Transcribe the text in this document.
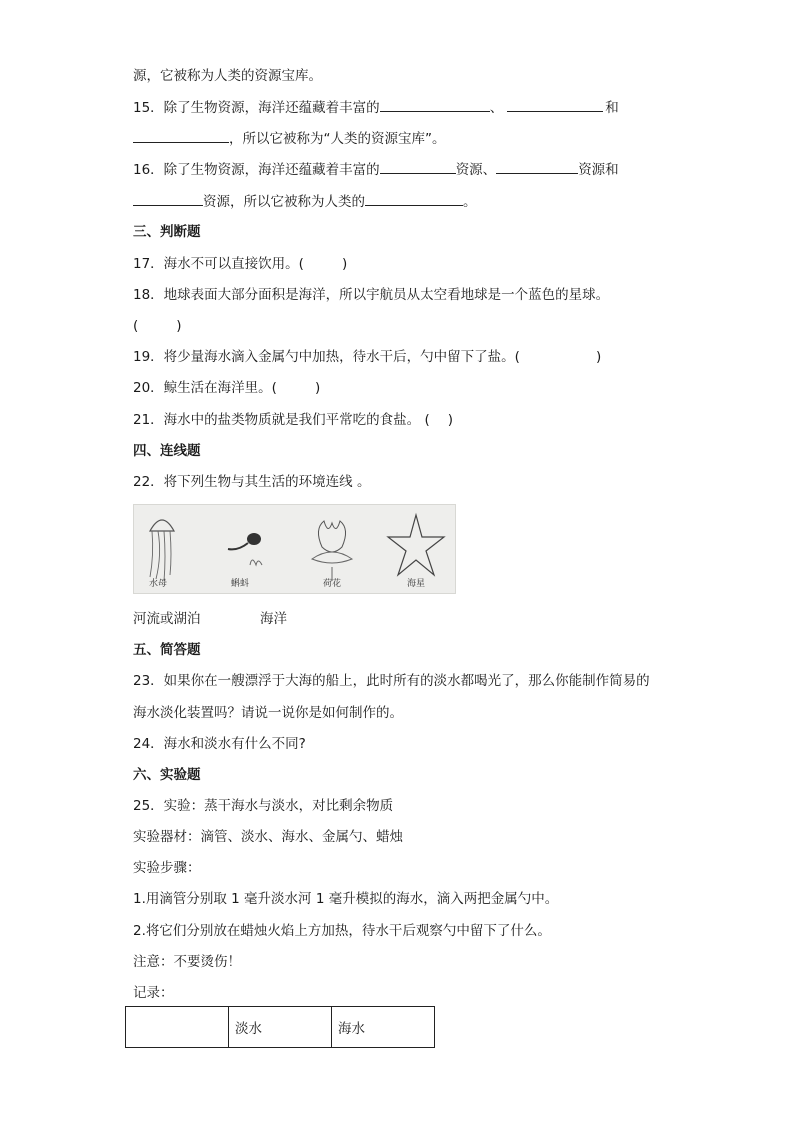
源，它被称为人类的资源宝库。
15．除了生物资源，海洋还蕴藏着丰富的	、	和
，所以它被称为“人类的资源宝库”。
16．除了生物资源，海洋还蕴藏着丰富的	资源、	资源和
资源，所以它被称为人类的	。
三、判断题
17．海水不可以直接饮用。(	)
18．地球表面大部分面积是海洋，所以宇航员从太空看地球是一个蓝色的星球。
(	)
19．将少量海水滴入金属勺中加热，待水干后，勺中留下了盐。(	)
20．鲸生活在海洋里。(	)
21．海水中的盐类物质就是我们平常吃的食盐。 ( )
四、连线题
22．将下列生物与其生活的环境连线 。
水母	蝌蚪	荷花	海星
河流或湖泊	海洋
五、简答题
23．如果你在一艘漂浮于大海的船上，此时所有的淡水都喝光了，那么你能制作简易的
海水淡化装置吗？请说一说你是如何制作的。
24．海水和淡水有什么不同?
六、实验题
25．实验：蒸干海水与淡水，对比剩余物质
实验器材：滴管、淡水、海水、金属勺、蜡烛
实验步骤：
1.用滴管分别取 1 毫升淡水河 1 毫升模拟的海水，滴入两把金属勺中。
2.将它们分别放在蜡烛火焰上方加热，待水干后观察勺中留下了什么。
注意：不要烫伤！
记录：
	淡水	海水
